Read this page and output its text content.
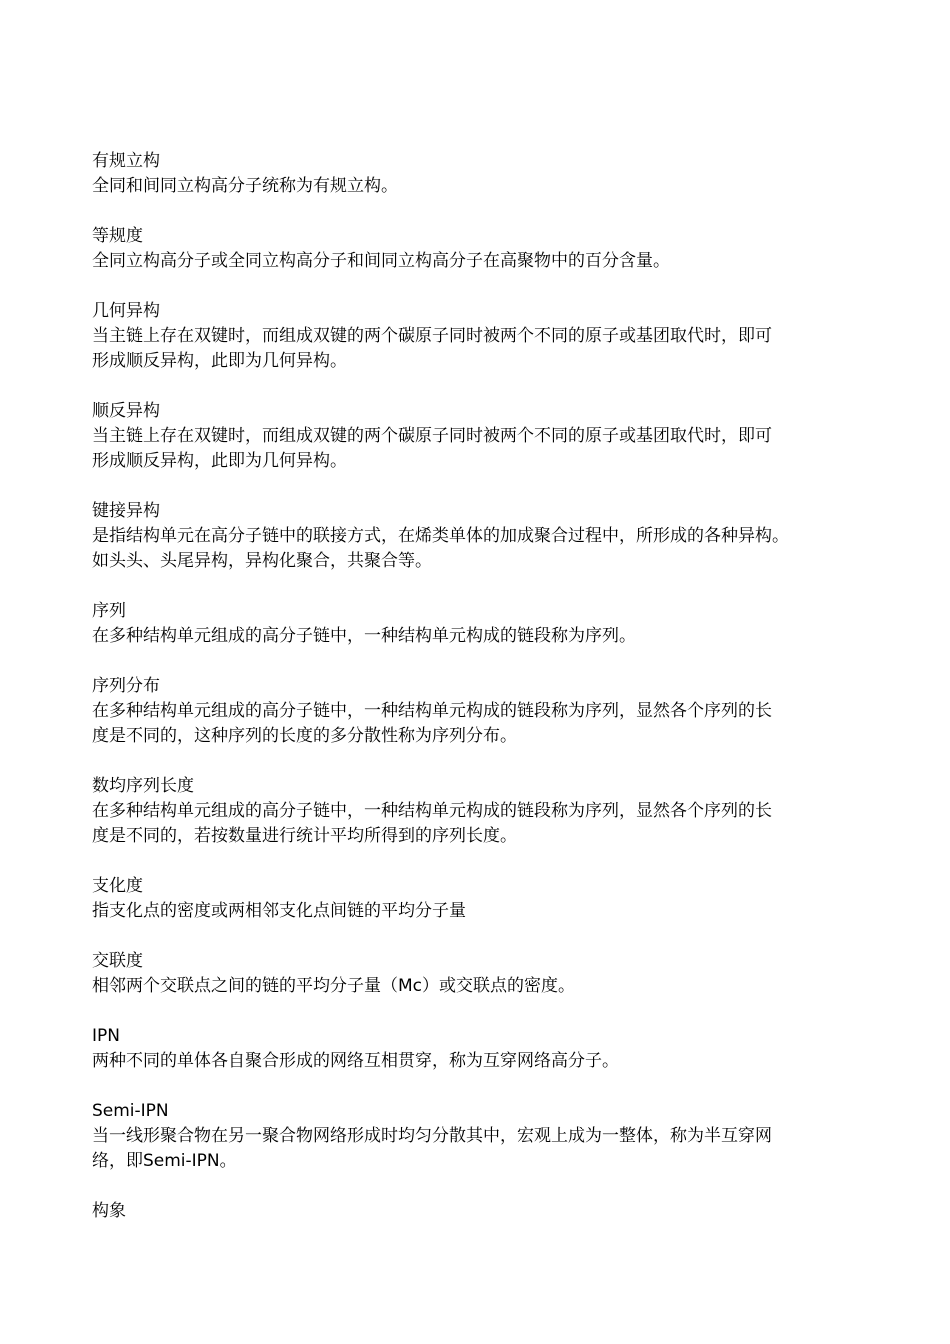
有规立构
全同和间同立构高分子统称为有规立构。
等规度
全同立构高分子或全同立构高分子和间同立构高分子在高聚物中的百分含量。
几何异构
当主链上存在双键时，而组成双键的两个碳原子同时被两个不同的原子或基团取代时，即可
形成顺反异构，此即为几何异构。
顺反异构
当主链上存在双键时，而组成双键的两个碳原子同时被两个不同的原子或基团取代时，即可
形成顺反异构，此即为几何异构。
键接异构
是指结构单元在高分子链中的联接方式，在烯类单体的加成聚合过程中，所形成的各种异构。
如头头、头尾异构，异构化聚合，共聚合等。
序列
在多种结构单元组成的高分子链中，一种结构单元构成的链段称为序列。
序列分布
在多种结构单元组成的高分子链中，一种结构单元构成的链段称为序列，显然各个序列的长
度是不同的，这种序列的长度的多分散性称为序列分布。
数均序列长度
在多种结构单元组成的高分子链中，一种结构单元构成的链段称为序列，显然各个序列的长
度是不同的，若按数量进行统计平均所得到的序列长度。
支化度
指支化点的密度或两相邻支化点间链的平均分子量
交联度
相邻两个交联点之间的链的平均分子量（Mc）或交联点的密度。
IPN
两种不同的单体各自聚合形成的网络互相贯穿，称为互穿网络高分子。
Semi-IPN
当一线形聚合物在另一聚合物网络形成时均匀分散其中，宏观上成为一整体，称为半互穿网
络，即Semi-IPN。
构象
